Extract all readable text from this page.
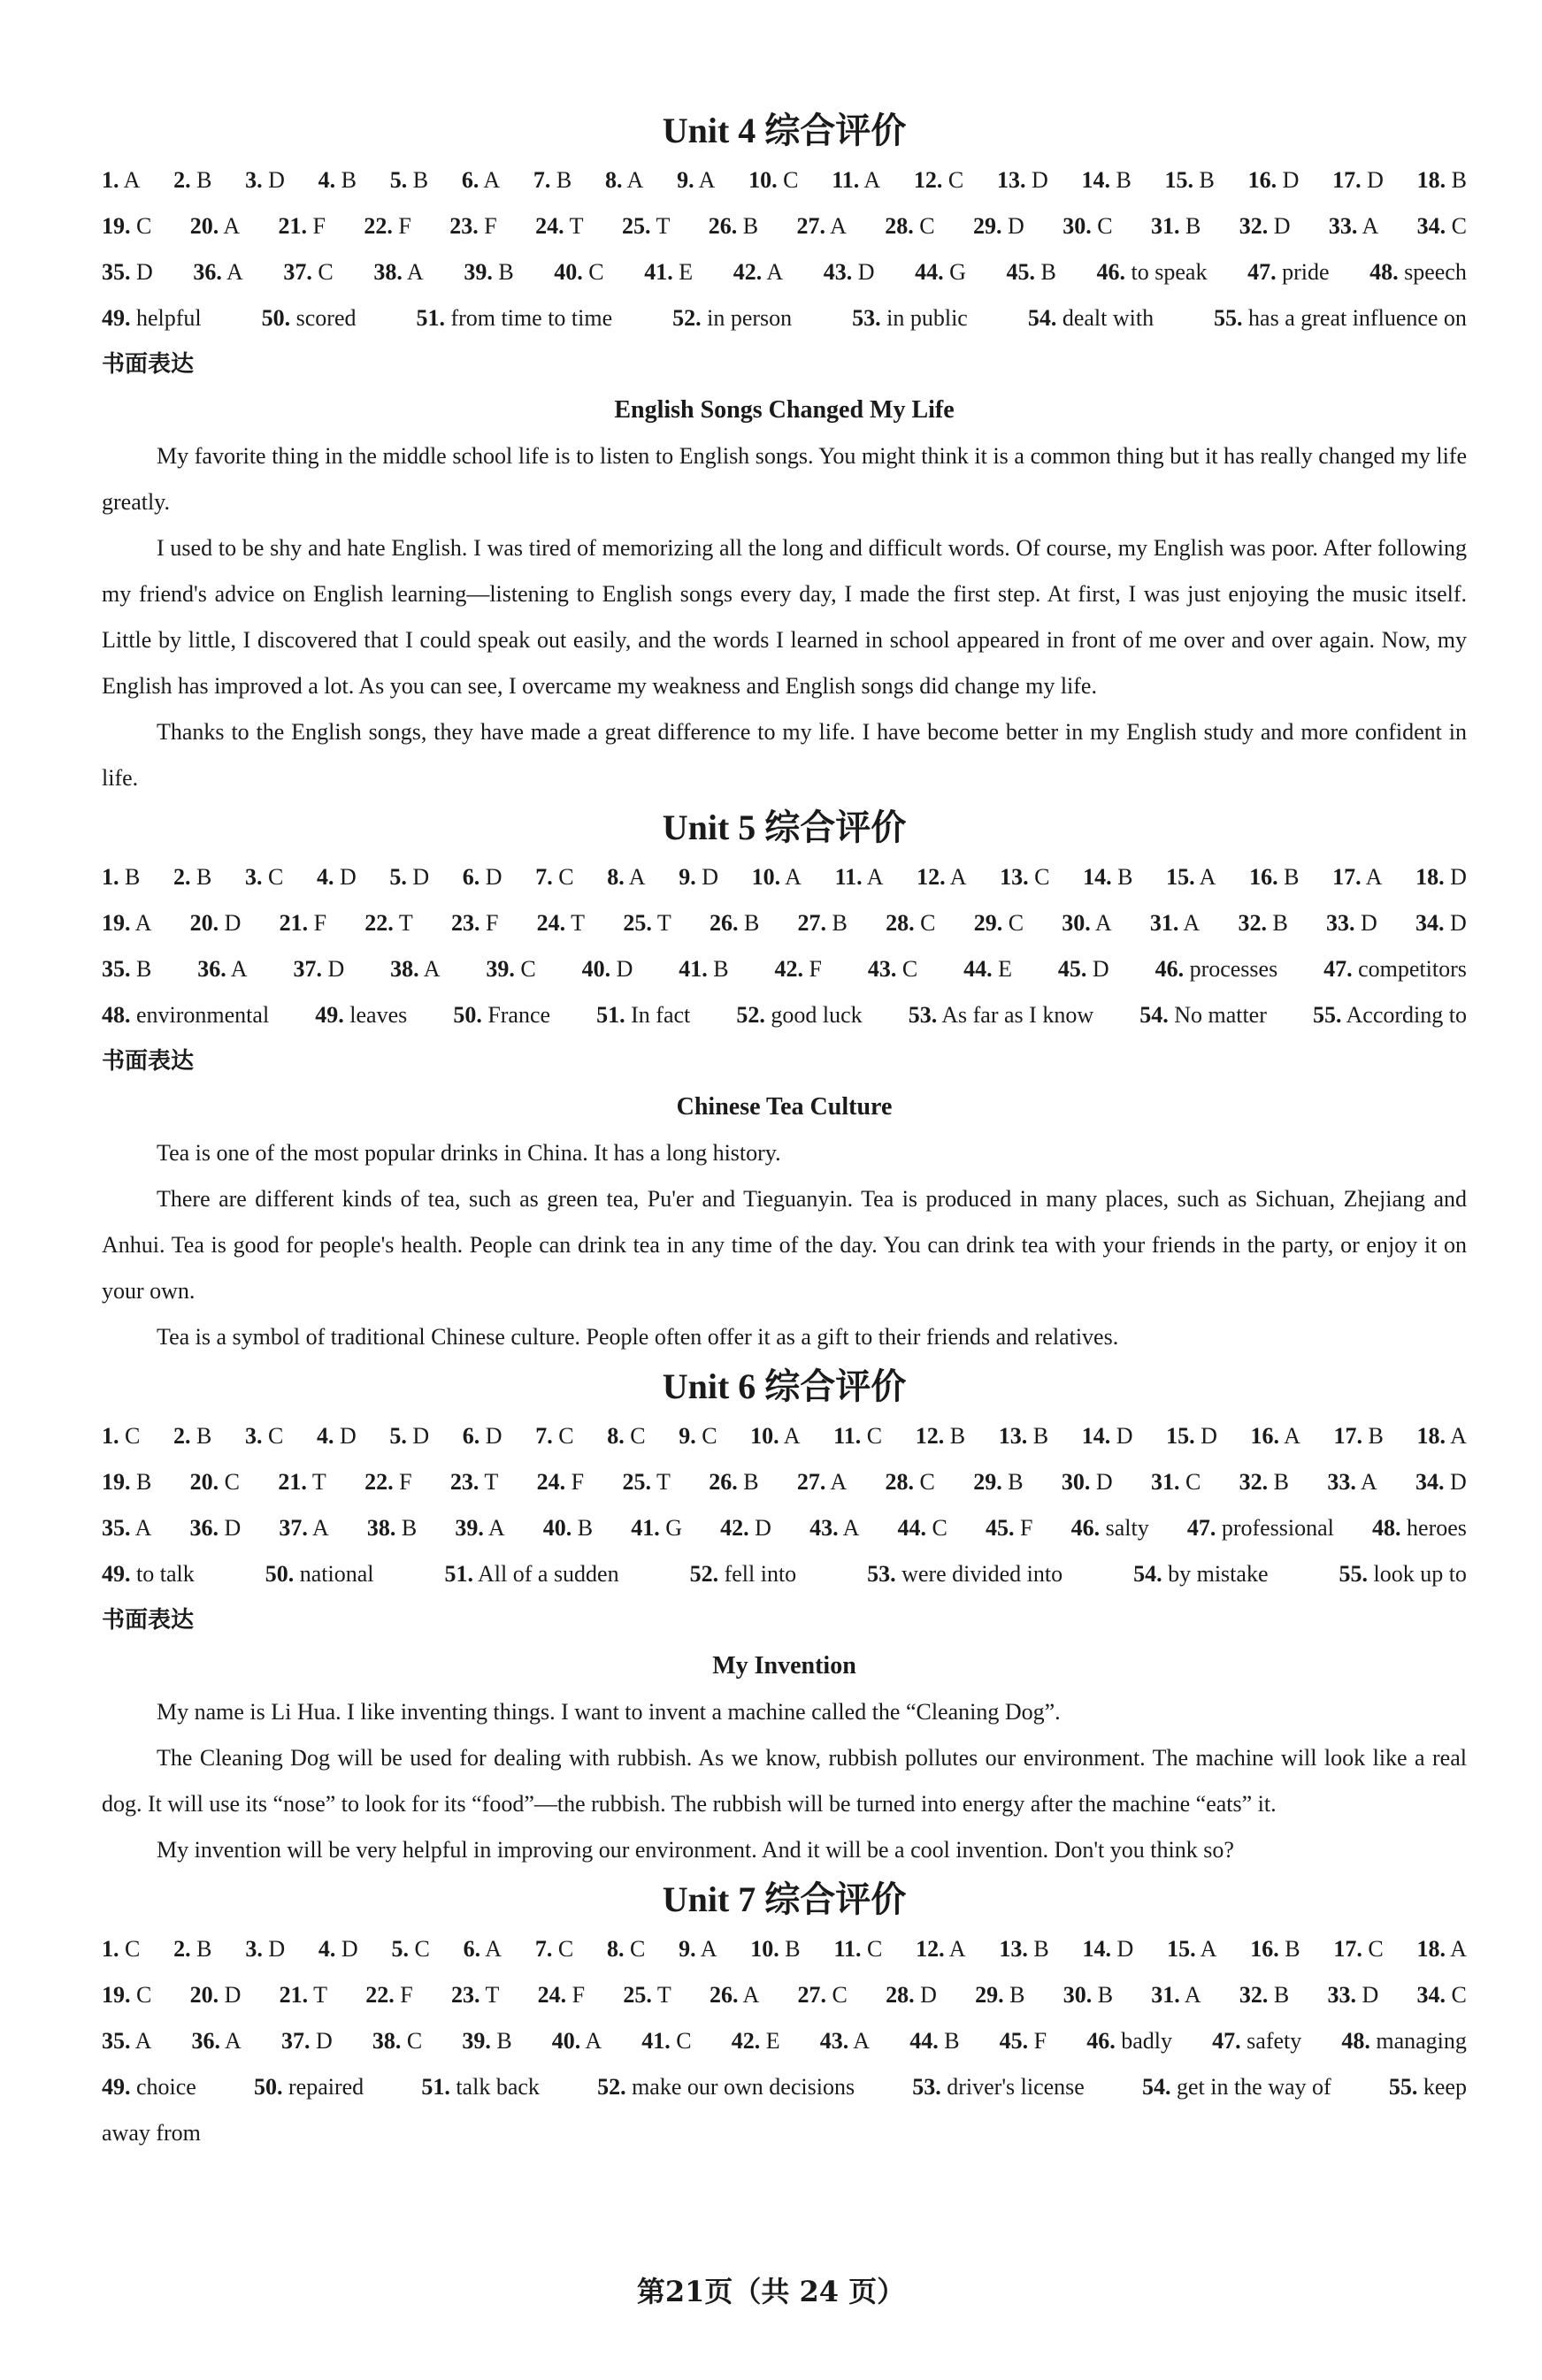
Unit 4 综合评价
1. A 2. B 3. D 4. B 5. B 6. A 7. B 8. A 9. A 10. C 11. A 12. C 13. D 14. B 15. B 16. D 17. D 18. B
19. C 20. A 21. F 22. F 23. F 24. T 25. T 26. B 27. A 28. C 29. D 30. C 31. B 32. D 33. A 34. C
35. D 36. A 37. C 38. A 39. B 40. C 41. E 42. A 43. D 44. G 45. B 46. to speak 47. pride 48. speech
49. helpful	50. scored	51. from time to time	52. in person	53. in public	54. dealt with	55. has a great influence on
书面表达
English Songs Changed My Life

My favorite thing in the middle school life is to listen to English songs. You might think it is a common thing but it has really changed my life greatly.

I used to be shy and hate English. I was tired of memorizing all the long and difficult words. Of course, my English was poor. After following my friend's advice on English learning—listening to English songs every day, I made the first step. At first, I was just enjoying the music itself. Little by little, I discovered that I could speak out easily, and the words I learned in school appeared in front of me over and over again. Now, my English has improved a lot. As you can see, I overcame my weakness and English songs did change my life.

Thanks to the English songs, they have made a great difference to my life. I have become better in my English study and more confident in life.

Unit 5 综合评价
1. B 2. B 3. C 4. D 5. D 6. D 7. C 8. A 9. D 10. A 11. A 12. A 13. C 14. B 15. A 16. B 17. A 18. D
19. A 20. D 21. F 22. T 23. F 24. T 25. T 26. B 27. B 28. C 29. C 30. A 31. A 32. B 33. D 34. D
35. B 36. A 37. D 38. A 39. C 40. D 41. B 42. F 43. C 44. E 45. D 46. processes 47. competitors
48. environmental 49. leaves 50. France 51. In fact 52. good luck 53. As far as I know 54. No matter 55. According to
书面表达
Chinese Tea Culture

Tea is one of the most popular drinks in China. It has a long history.

There are different kinds of tea, such as green tea, Pu'er and Tieguanyin. Tea is produced in many places, such as Sichuan, Zhejiang and Anhui. Tea is good for people's health. People can drink tea in any time of the day. You can drink tea with your friends in the party, or enjoy it on your own.

Tea is a symbol of traditional Chinese culture. People often offer it as a gift to their friends and relatives.

Unit 6 综合评价
1. C 2. B 3. C 4. D 5. D 6. D 7. C 8. C 9. C 10. A 11. C 12. B 13. B 14. D 15. D 16. A 17. B 18. A
19. B 20. C 21. T 22. F 23. T 24. F 25. T 26. B 27. A 28. C 29. B 30. D 31. C 32. B 33. A 34. D
35. A 36. D 37. A 38. B 39. A 40. B 41. G 42. D 43. A 44. C 45. F 46. salty 47. professional 48. heroes
49. to talk	50. national	51. All of a sudden	52. fell into	53. were divided into	54. by mistake	55. look up to
书面表达
My Invention

My name is Li Hua. I like inventing things. I want to invent a machine called the “Cleaning Dog”.

The Cleaning Dog will be used for dealing with rubbish. As we know, rubbish pollutes our environment. The machine will look like a real dog. It will use its “nose” to look for its “food”—the rubbish. The rubbish will be turned into energy after the machine “eats” it.

My invention will be very helpful in improving our environment. And it will be a cool invention. Don't you think so?

Unit 7 综合评价
1. C 2. B 3. D 4. D 5. C 6. A 7. C 8. C 9. A 10. B 11. C 12. A 13. B 14. D 15. A 16. B 17. C 18. A
19. C 20. D 21. T 22. F 23. T 24. F 25. T 26. A 27. C 28. D 29. B 30. B 31. A 32. B 33. D 34. C
35. A 36. A 37. D 38. C 39. B 40. A 41. C 42. E 43. A 44. B 45. F 46. badly 47. safety 48. managing
49. choice	50. repaired	51. talk back	52. make our own decisions	53. driver's license	54. get in the way of	55. keep
away from
第21页（共 24 页）
